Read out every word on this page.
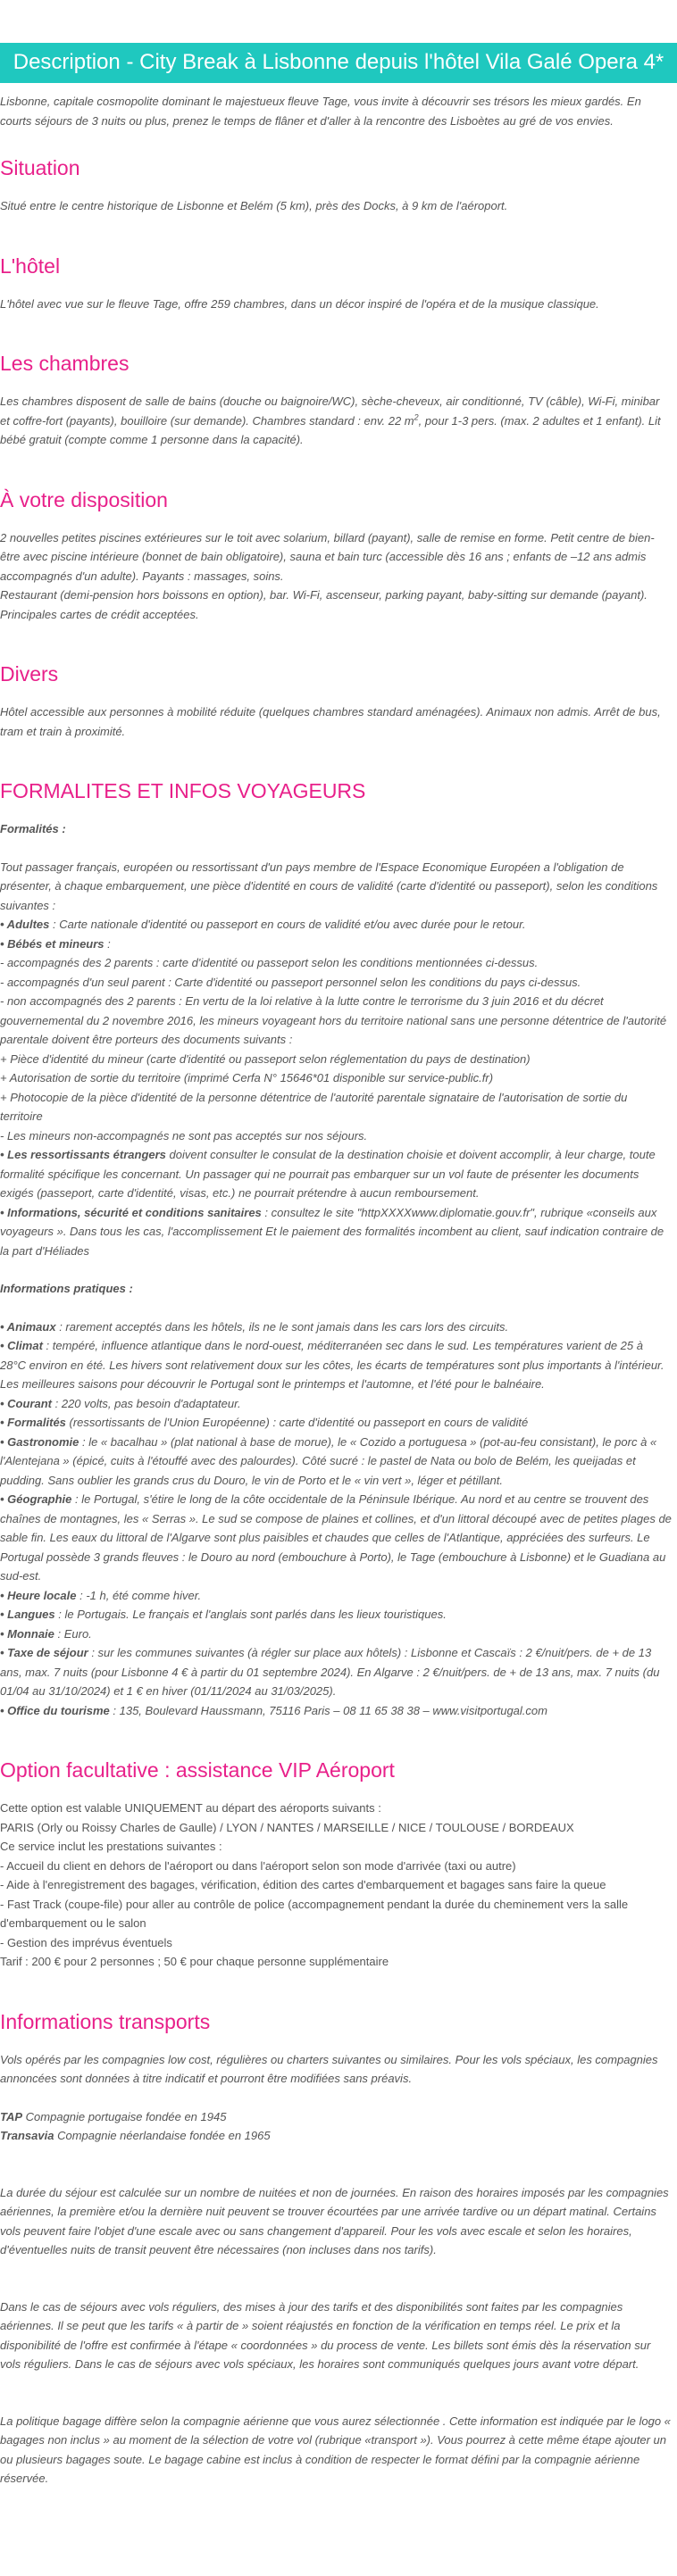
Description - City Break à Lisbonne depuis l'hôtel Vila Galé Opera 4*

Lisbonne, capitale cosmopolite dominant le majestueux fleuve Tage, vous invite à découvrir ses trésors les mieux gardés. En courts séjours de 3 nuits ou plus, prenez le temps de flâner et d'aller à la rencontre des Lisboètes au gré de vos envies.

Situation

Situé entre le centre historique de Lisbonne et Belém (5 km), près des Docks, à 9 km de l'aéroport.

L'hôtel

L'hôtel avec vue sur le fleuve Tage, offre 259 chambres, dans un décor inspiré de l'opéra et de la musique classique.

Les chambres

Les chambres disposent de salle de bains (douche ou baignoire/WC), sèche-cheveux, air conditionné, TV (câble), Wi-Fi, minibar et coffre-fort (payants), bouilloire (sur demande). Chambres standard : env. 22 $m^2$, pour 1-3 pers. (max. 2 adultes et 1 enfant). Lit bébé gratuit (compte comme 1 personne dans la capacité).

À votre disposition

2 nouvelles petites piscines extérieures sur le toit avec solarium, billard (payant), salle de remise en forme. Petit centre de bien-être avec piscine intérieure (bonnet de bain obligatoire), sauna et bain turc (accessible dès 16 ans ; enfants de –12 ans admis accompagnés d'un adulte). Payants : massages, soins.

Restaurant (demi-pension hors boissons en option), bar. Wi-Fi, ascenseur, parking payant, baby-sitting sur demande (payant). Principales cartes de crédit acceptées.

Divers

Hôtel accessible aux personnes à mobilité réduite (quelques chambres standard aménagées). Animaux non admis. Arrêt de bus, tram et train à proximité.

FORMALITES ET INFOS VOYAGEURS

Formalités :

Tout passager français, européen ou ressortissant d'un pays membre de l'Espace Economique Européen a l'obligation de présenter, à chaque embarquement, une pièce d'identité en cours de validité (carte d'identité ou passeport), selon les conditions suivantes :

• Adultes : Carte nationale d'identité ou passeport en cours de validité et/ou avec durée pour le retour.

• Bébés et mineurs :

- accompagnés des 2 parents : carte d'identité ou passeport selon les conditions mentionnées ci-dessus.

- accompagnés d'un seul parent : Carte d'identité ou passeport personnel selon les conditions du pays ci-dessus.

- non accompagnés des 2 parents : En vertu de la loi relative à la lutte contre le terrorisme du 3 juin 2016 et du décret gouvernemental du 2 novembre 2016, les mineurs voyageant hors du territoire national sans une personne détentrice de l'autorité parentale doivent être porteurs des documents suivants :

+ Pièce d'identité du mineur (carte d'identité ou passeport selon réglementation du pays de destination)

+ Autorisation de sortie du territoire (imprimé Cerfa N° 15646*01 disponible sur service-public.fr)

+ Photocopie de la pièce d'identité de la personne détentrice de l'autorité parentale signataire de l'autorisation de sortie du territoire

- Les mineurs non-accompagnés ne sont pas acceptés sur nos séjours.

• Les ressortissants étrangers doivent consulter le consulat de la destination choisie et doivent accomplir, à leur charge, toute formalité spécifique les concernant. Un passager qui ne pourrait pas embarquer sur un vol faute de présenter les documents exigés (passeport, carte d'identité, visas, etc.) ne pourrait prétendre à aucun remboursement.

• Informations, sécurité et conditions sanitaires : consultez le site "httpXXXXwww.diplomatie.gouv.fr", rubrique «conseils aux voyageurs ». Dans tous les cas, l'accomplissement Et le paiement des formalités incombent au client, sauf indication contraire de la part d'Héliades

Informations pratiques :

• Animaux : rarement acceptés dans les hôtels, ils ne le sont jamais dans les cars lors des circuits.

• Climat : tempéré, influence atlantique dans le nord-ouest, méditerranéen sec dans le sud. Les températures varient de 25 à 28°C environ en été. Les hivers sont relativement doux sur les côtes, les écarts de températures sont plus importants à l'intérieur. Les meilleures saisons pour découvrir le Portugal sont le printemps et l'automne, et l'été pour le balnéaire.

• Courant : 220 volts, pas besoin d'adaptateur.

• Formalités (ressortissants de l'Union Européenne) : carte d'identité ou passeport en cours de validité

• Gastronomie : le « bacalhau » (plat national à base de morue), le « Cozido a portuguesa » (pot-au-feu consistant), le porc à « l'Alentejana » (épicé, cuits à l'étouffé avec des palourdes). Côté sucré : le pastel de Nata ou bolo de Belém, les queijadas et pudding. Sans oublier les grands crus du Douro, le vin de Porto et le « vin vert », léger et pétillant.

• Géographie : le Portugal, s'étire le long de la côte occidentale de la Péninsule Ibérique. Au nord et au centre se trouvent des chaînes de montagnes, les « Serras ». Le sud se compose de plaines et collines, et d'un littoral découpé avec de petites plages de sable fin. Les eaux du littoral de l'Algarve sont plus paisibles et chaudes que celles de l'Atlantique, appréciées des surfeurs. Le Portugal possède 3 grands fleuves : le Douro au nord (embouchure à Porto), le Tage (embouchure à Lisbonne) et le Guadiana au sud-est.

• Heure locale : -1 h, été comme hiver.

• Langues : le Portugais. Le français et l'anglais sont parlés dans les lieux touristiques.

• Monnaie : Euro.

• Taxe de séjour : sur les communes suivantes (à régler sur place aux hôtels) : Lisbonne et Cascaïs : 2 €/nuit/pers. de + de 13 ans, max. 7 nuits (pour Lisbonne 4 € à partir du 01 septembre 2024). En Algarve : 2 €/nuit/pers. de + de 13 ans, max. 7 nuits (du 01/04 au 31/10/2024) et 1 € en hiver (01/11/2024 au 31/03/2025).

• Office du tourisme : 135, Boulevard Haussmann, 75116 Paris – 08 11 65 38 38 – www.visitportugal.com

Option facultative : assistance VIP Aéroport

Cette option est valable UNIQUEMENT au départ des aéroports suivants :

PARIS (Orly ou Roissy Charles de Gaulle) / LYON / NANTES / MARSEILLE / NICE / TOULOUSE / BORDEAUX

Ce service inclut les prestations suivantes :

- Accueil du client en dehors de l'aéroport ou dans l'aéroport selon son mode d'arrivée (taxi ou autre)

- Aide à l'enregistrement des bagages, vérification, édition des cartes d'embarquement et bagages sans faire la queue

- Fast Track (coupe-file) pour aller au contrôle de police (accompagnement pendant la durée du cheminement vers la salle d'embarquement ou le salon

- Gestion des imprévus éventuels

Tarif : 200 € pour 2 personnes ; 50 € pour chaque personne supplémentaire

Informations transports

Vols opérés par les compagnies low cost, régulières ou charters suivantes ou similaires. Pour les vols spéciaux, les compagnies annoncées sont données à titre indicatif et pourront être modifiées sans préavis.

TAP Compagnie portugaise fondée en 1945

Transavia Compagnie néerlandaise fondée en 1965

La durée du séjour est calculée sur un nombre de nuitées et non de journées. En raison des horaires imposés par les compagnies aériennes, la première et/ou la dernière nuit peuvent se trouver écourtées par une arrivée tardive ou un départ matinal. Certains vols peuvent faire l'objet d'une escale avec ou sans changement d'appareil. Pour les vols avec escale et selon les horaires, d'éventuelles nuits de transit peuvent être nécessaires (non incluses dans nos tarifs).

Dans le cas de séjours avec vols réguliers, des mises à jour des tarifs et des disponibilités sont faites par les compagnies aériennes. Il se peut que les tarifs « à partir de » soient réajustés en fonction de la vérification en temps réel. Le prix et la disponibilité de l'offre est confirmée à l'étape « coordonnées » du process de vente. Les billets sont émis dès la réservation sur vols réguliers. Dans le cas de séjours avec vols spéciaux, les horaires sont communiqués quelques jours avant votre départ.

La politique bagage diffère selon la compagnie aérienne que vous aurez sélectionnée . Cette information est indiquée par le logo « bagages non inclus » au moment de la sélection de votre vol (rubrique «transport »). Vous pourrez à cette même étape ajouter un ou plusieurs bagages soute. Le bagage cabine est inclus à condition de respecter le format défini par la compagnie aérienne réservée.
